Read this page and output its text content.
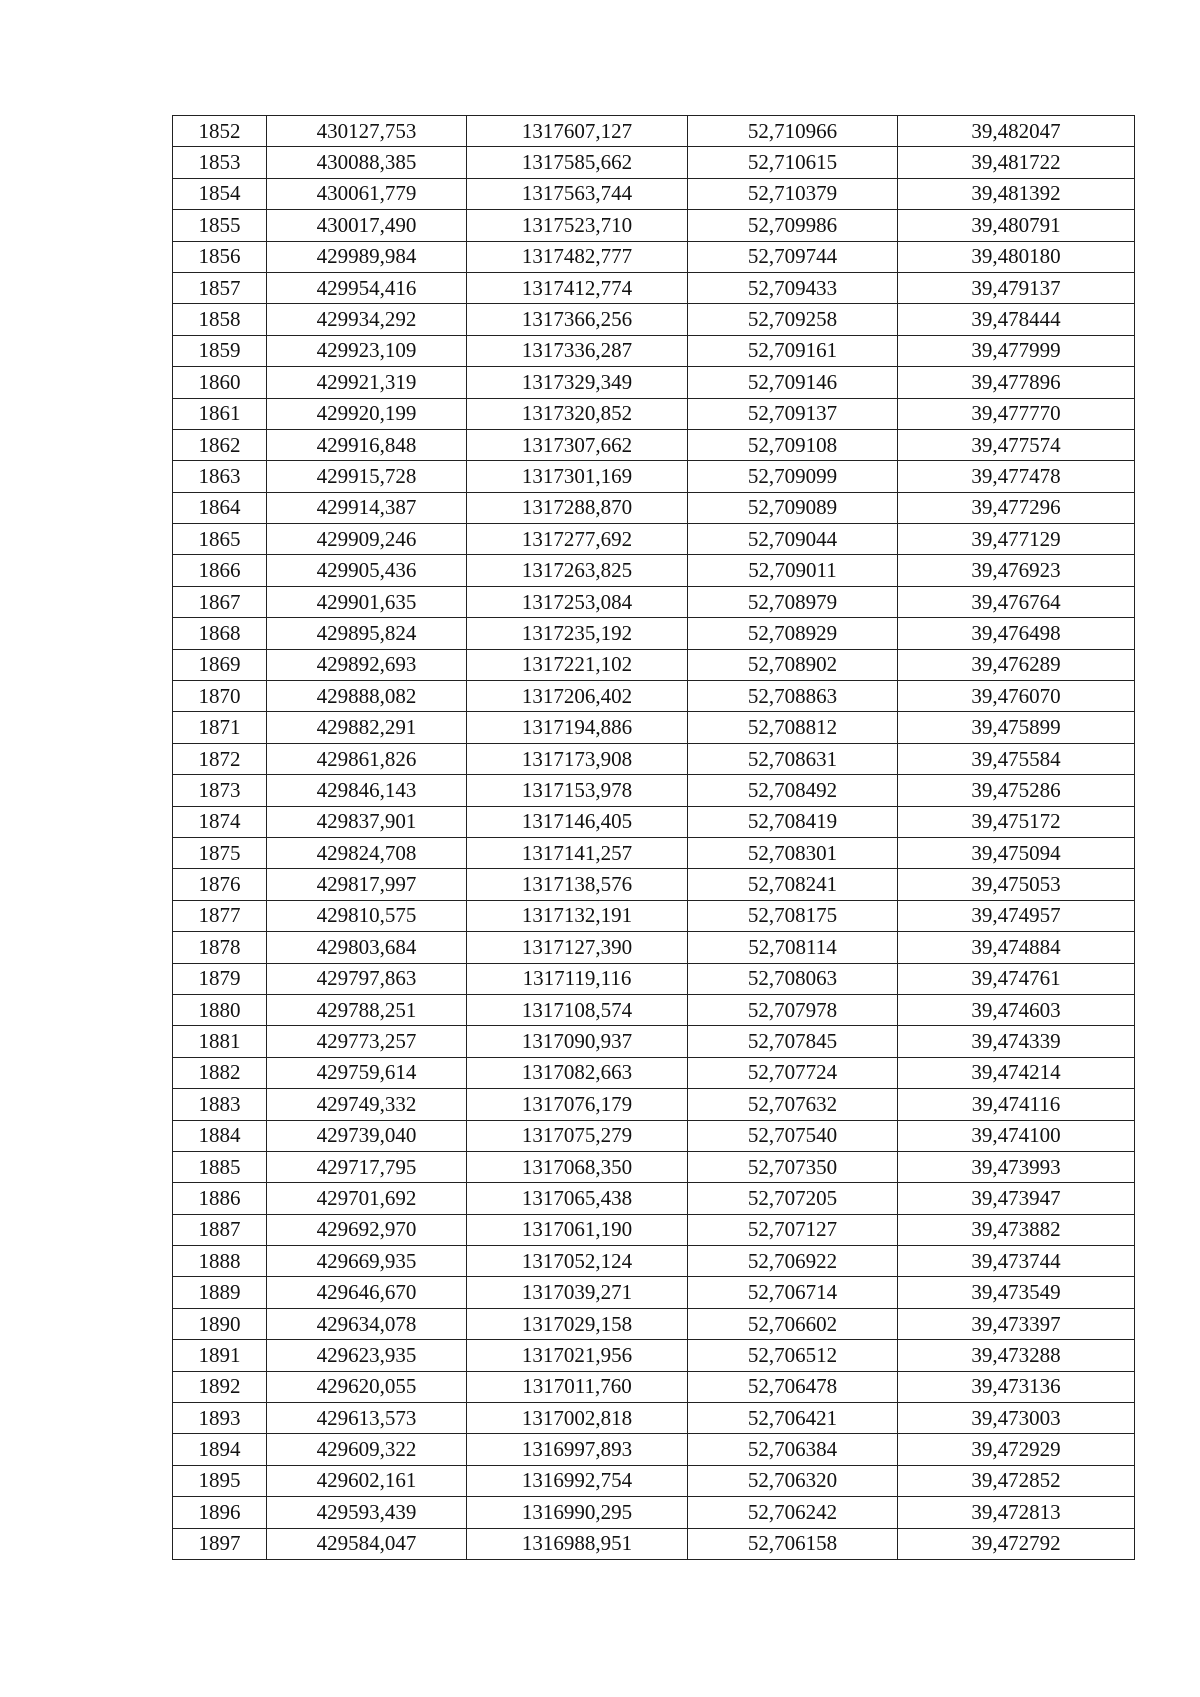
1852	430127,753	1317607,127	52,710966	39,482047
1853	430088,385	1317585,662	52,710615	39,481722
1854	430061,779	1317563,744	52,710379	39,481392
1855	430017,490	1317523,710	52,709986	39,480791
1856	429989,984	1317482,777	52,709744	39,480180
1857	429954,416	1317412,774	52,709433	39,479137
1858	429934,292	1317366,256	52,709258	39,478444
1859	429923,109	1317336,287	52,709161	39,477999
1860	429921,319	1317329,349	52,709146	39,477896
1861	429920,199	1317320,852	52,709137	39,477770
1862	429916,848	1317307,662	52,709108	39,477574
1863	429915,728	1317301,169	52,709099	39,477478
1864	429914,387	1317288,870	52,709089	39,477296
1865	429909,246	1317277,692	52,709044	39,477129
1866	429905,436	1317263,825	52,709011	39,476923
1867	429901,635	1317253,084	52,708979	39,476764
1868	429895,824	1317235,192	52,708929	39,476498
1869	429892,693	1317221,102	52,708902	39,476289
1870	429888,082	1317206,402	52,708863	39,476070
1871	429882,291	1317194,886	52,708812	39,475899
1872	429861,826	1317173,908	52,708631	39,475584
1873	429846,143	1317153,978	52,708492	39,475286
1874	429837,901	1317146,405	52,708419	39,475172
1875	429824,708	1317141,257	52,708301	39,475094
1876	429817,997	1317138,576	52,708241	39,475053
1877	429810,575	1317132,191	52,708175	39,474957
1878	429803,684	1317127,390	52,708114	39,474884
1879	429797,863	1317119,116	52,708063	39,474761
1880	429788,251	1317108,574	52,707978	39,474603
1881	429773,257	1317090,937	52,707845	39,474339
1882	429759,614	1317082,663	52,707724	39,474214
1883	429749,332	1317076,179	52,707632	39,474116
1884	429739,040	1317075,279	52,707540	39,474100
1885	429717,795	1317068,350	52,707350	39,473993
1886	429701,692	1317065,438	52,707205	39,473947
1887	429692,970	1317061,190	52,707127	39,473882
1888	429669,935	1317052,124	52,706922	39,473744
1889	429646,670	1317039,271	52,706714	39,473549
1890	429634,078	1317029,158	52,706602	39,473397
1891	429623,935	1317021,956	52,706512	39,473288
1892	429620,055	1317011,760	52,706478	39,473136
1893	429613,573	1317002,818	52,706421	39,473003
1894	429609,322	1316997,893	52,706384	39,472929
1895	429602,161	1316992,754	52,706320	39,472852
1896	429593,439	1316990,295	52,706242	39,472813
1897	429584,047	1316988,951	52,706158	39,472792
